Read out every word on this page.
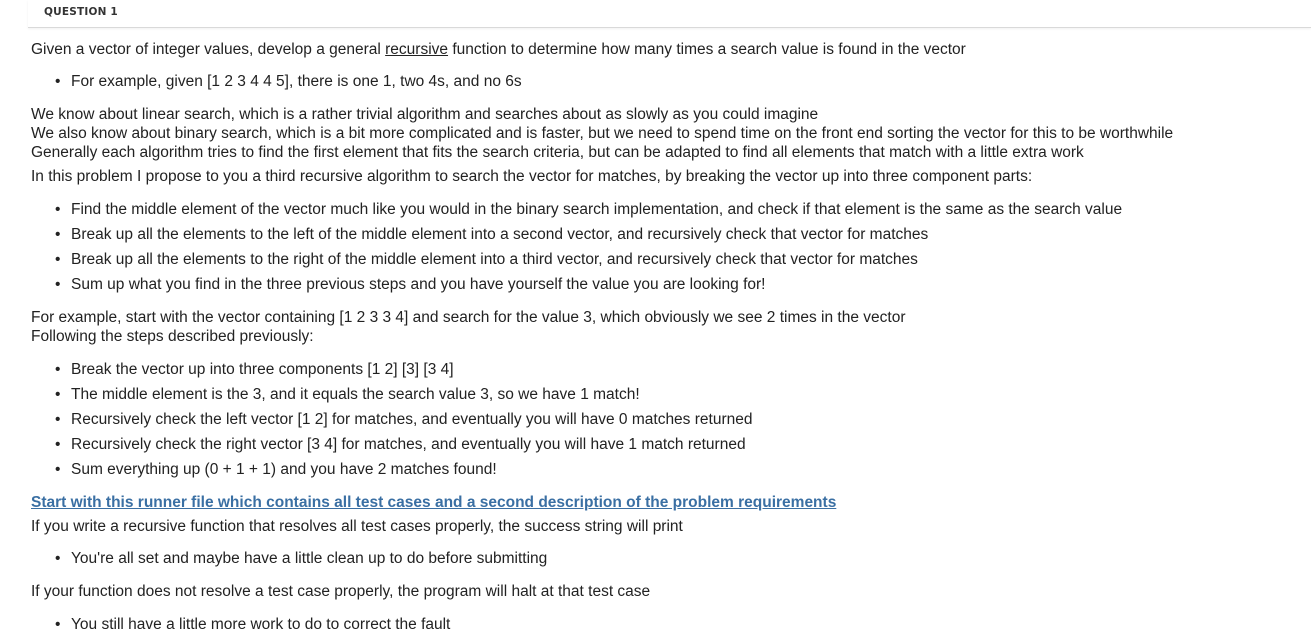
QUESTION 1

Given a vector of integer values, develop a general recursive function to determine how many times a search value is found in the vector

• For example, given [1 2 3 4 4 5], there is one 1, two 4s, and no 6s

We know about linear search, which is a rather trivial algorithm and searches about as slowly as you could imagine

We also know about binary search, which is a bit more complicated and is faster, but we need to spend time on the front end sorting the vector for this to be worthwhile

Generally each algorithm tries to find the first element that fits the search criteria, but can be adapted to find all elements that match with a little extra work

In this problem I propose to you a third recursive algorithm to search the vector for matches, by breaking the vector up into three component parts:

• Find the middle element of the vector much like you would in the binary search implementation, and check if that element is the same as the search value
• Break up all the elements to the left of the middle element into a second vector, and recursively check that vector for matches
• Break up all the elements to the right of the middle element into a third vector, and recursively check that vector for matches
• Sum up what you find in the three previous steps and you have yourself the value you are looking for!

For example, start with the vector containing [1 2 3 3 4] and search for the value 3, which obviously we see 2 times in the vector

Following the steps described previously:

• Break the vector up into three components [1 2] [3] [3 4]
• The middle element is the 3, and it equals the search value 3, so we have 1 match!
• Recursively check the left vector [1 2] for matches, and eventually you will have 0 matches returned
• Recursively check the right vector [3 4] for matches, and eventually you will have 1 match returned
• Sum everything up (0 + 1 + 1) and you have 2 matches found!

Start with this runner file which contains all test cases and a second description of the problem requirements

If you write a recursive function that resolves all test cases properly, the success string will print

• You're all set and maybe have a little clean up to do before submitting

If your function does not resolve a test case properly, the program will halt at that test case

• You still have a little more work to do to correct the fault
